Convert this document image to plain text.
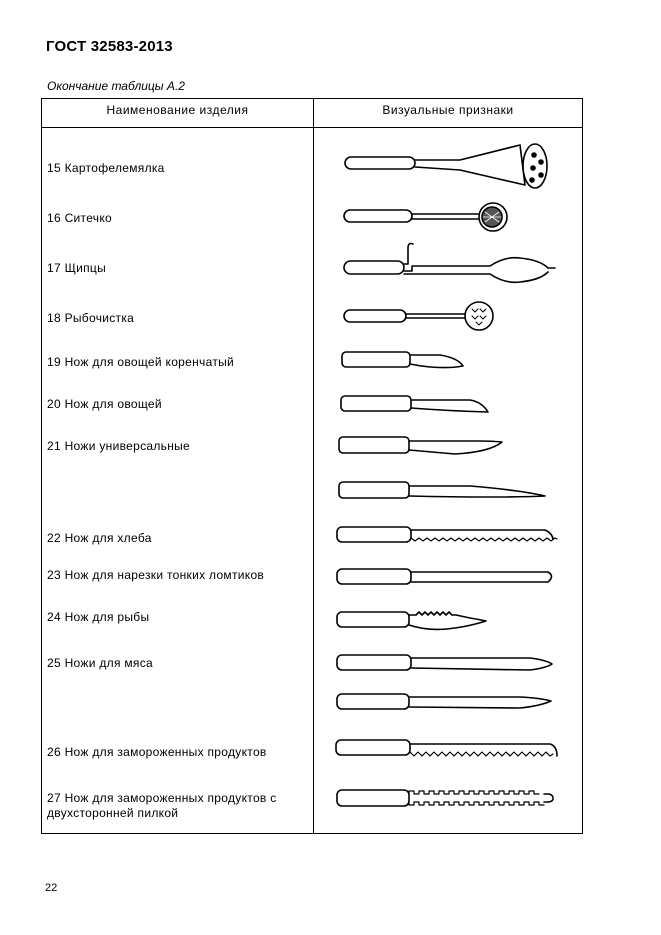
ГОСТ 32583-2013
Окончание таблицы А.2
Наименование изделия	Визуальные признаки
15 Картофелемялка
16 Ситечко
17 Щипцы
18 Рыбочистка
19 Нож для овощей коренчатый
20 Нож для овощей
21 Ножи универсальные
22 Нож для хлеба
23 Нож для нарезки тонких ломтиков
24 Нож для рыбы
25 Ножи для мяса
26 Нож для замороженных продуктов
27 Нож для замороженных продуктов с двухсторонней пилкой
22
